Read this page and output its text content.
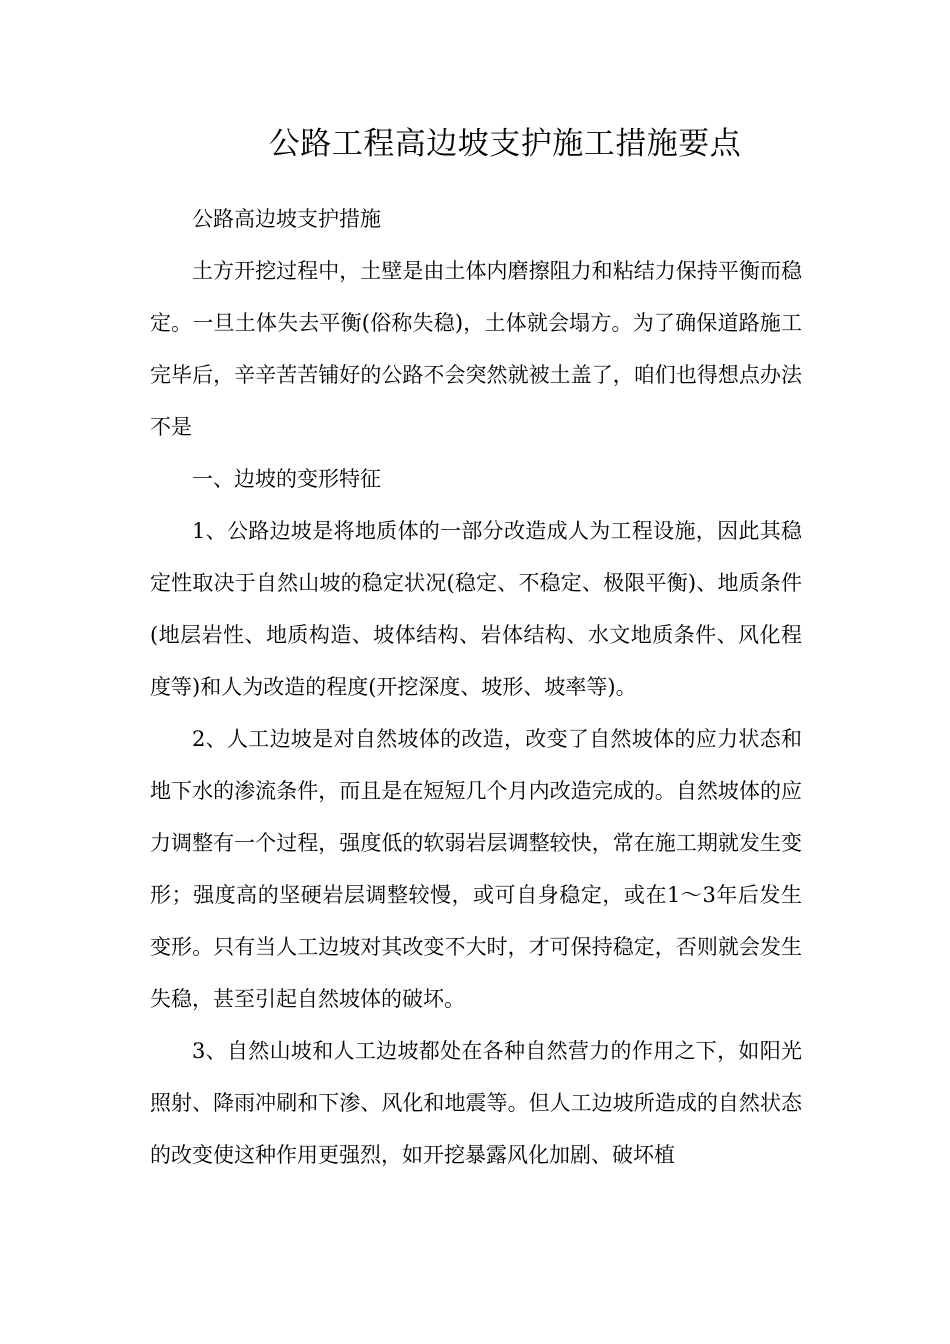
公路工程高边坡支护施工措施要点

公路高边坡支护措施

土方开挖过程中，土壁是由土体内磨擦阻力和粘结力保持平衡而稳定。一旦土体失去平衡(俗称失稳)，土体就会塌方。为了确保道路施工完毕后，辛辛苦苦铺好的公路不会突然就被土盖了，咱们也得想点办法不是

一、边坡的变形特征

1、公路边坡是将地质体的一部分改造成人为工程设施，因此其稳定性取决于自然山坡的稳定状况(稳定、不稳定、极限平衡)、地质条件(地层岩性、地质构造、坡体结构、岩体结构、水文地质条件、风化程度等)和人为改造的程度(开挖深度、坡形、坡率等)。

2、人工边坡是对自然坡体的改造，改变了自然坡体的应力状态和地下水的渗流条件，而且是在短短几个月内改造完成的。自然坡体的应力调整有一个过程，强度低的软弱岩层调整较快，常在施工期就发生变形；强度高的坚硬岩层调整较慢，或可自身稳定，或在1～3年后发生变形。只有当人工边坡对其改变不大时，才可保持稳定，否则就会发生失稳，甚至引起自然坡体的破坏。

3、自然山坡和人工边坡都处在各种自然营力的作用之下，如阳光照射、降雨冲刷和下渗、风化和地震等。但人工边坡所造成的自然状态的改变使这种作用更强烈，如开挖暴露风化加剧、破坏植
